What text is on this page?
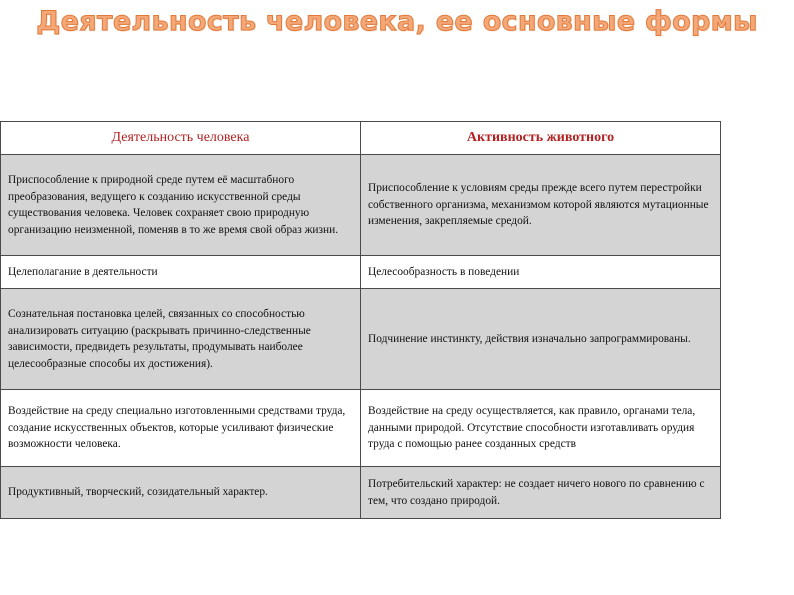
Деятельность человека, ее основные формы
Деятельность человека	Активность животного
Приспособление к природной среде путем её масштабного преобразования, ведущего к созданию искусственной среды существования человека. Человек сохраняет свою природную организацию неизменной, поменяв в то же время свой образ жизни.	Приспособление к условиям среды прежде всего путем перестройки собственного организма, механизмом которой являются мутационные изменения, закрепляемые средой.
Целеполагание в деятельности	Целесообразность в поведении
Сознательная постановка целей, связанных со способностью анализировать ситуацию (раскрывать причинно-следственные зависимости, предвидеть результаты, продумывать наиболее целесообразные способы их достижения).	Подчинение инстинкту, действия изначально запрограммированы.
Воздействие на среду специально изготовленными средствами труда, создание искусственных объектов, которые усиливают физические возможности человека.	Воздействие на среду осуществляется, как правило, органами тела, данными природой. Отсутствие способности изготавливать орудия труда с помощью ранее созданных средств
Продуктивный, творческий, созидательный характер.	Потребительский характер: не создает ничего нового по сравнению с тем, что создано природой.
